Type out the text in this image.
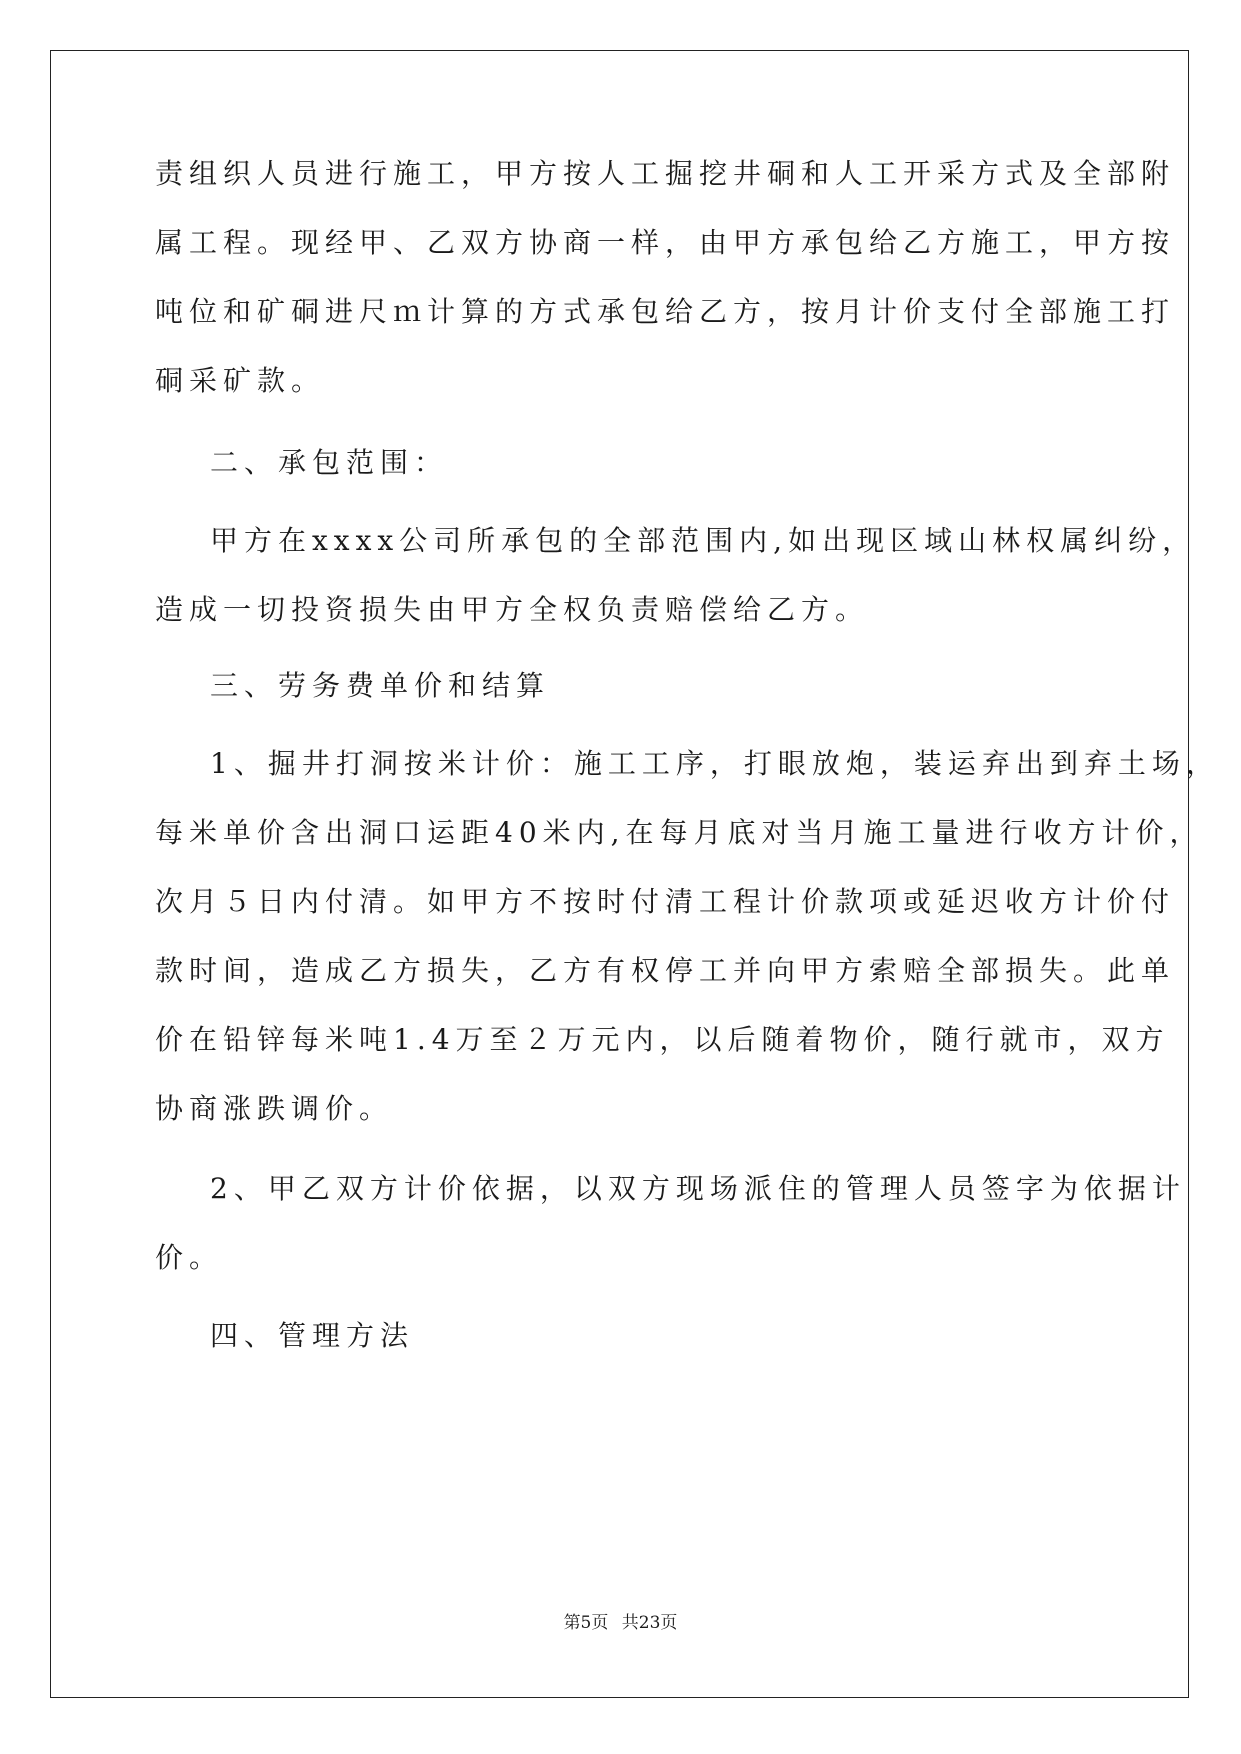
责组织人员进行施工，甲方按人工掘挖井硐和人工开采方式及全部附
属工程。现经甲、乙双方协商一样，由甲方承包给乙方施工，甲方按
吨位和矿硐进尺ｍ计算的方式承包给乙方，按月计价支付全部施工打
硐采矿款。
二、承包范围：
甲方在xxxx公司所承包的全部范围内,如出现区域山林权属纠纷，
造成一切投资损失由甲方全权负责赔偿给乙方。
三、劳务费单价和结算
1、掘井打洞按米计价：施工工序，打眼放炮，装运弃出到弃土场，
每米单价含出洞口运距40米内,在每月底对当月施工量进行收方计价，
次月５日内付清。如甲方不按时付清工程计价款项或延迟收方计价付
款时间，造成乙方损失，乙方有权停工并向甲方索赔全部损失。此单
价在铅锌每米吨1.4万至２万元内，以后随着物价，随行就市，双方
协商涨跌调价。
2、甲乙双方计价依据，以双方现场派住的管理人员签字为依据计
价。
四、管理方法
第5页 共23页
